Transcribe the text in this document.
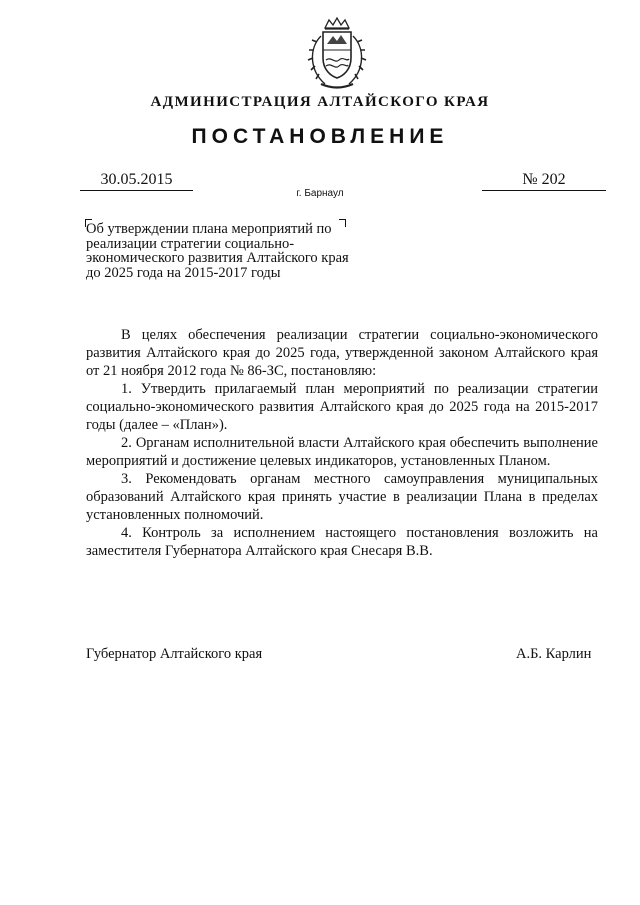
АДМИНИСТРАЦИЯ АЛТАЙСКОГО КРАЯ
ПОСТАНОВЛЕНИЕ
30.05.2015	№ 202
г. Барнаул
Об утверждении плана мероприятий по реализации стратегии социально-экономического развития Алтайского края до 2025 года на 2015-2017 годы

В целях обеспечения реализации стратегии социально-экономического развития Алтайского края до 2025 года, утвержденной законом Алтайского края от 21 ноября 2012 года № 86-ЗС, постановляю:

1. Утвердить прилагаемый план мероприятий по реализации стратегии социально-экономического развития Алтайского края до 2025 года на 2015-2017 годы (далее – «План»).

2. Органам исполнительной власти Алтайского края обеспечить выполнение мероприятий и достижение целевых индикаторов, установленных Планом.

3. Рекомендовать органам местного самоуправления муниципальных образований Алтайского края принять участие в реализации Плана в пределах установленных полномочий.

4. Контроль за исполнением настоящего постановления возложить на заместителя Губернатора Алтайского края Снесаря В.В.

Губернатор Алтайского края	А.Б. Карлин
